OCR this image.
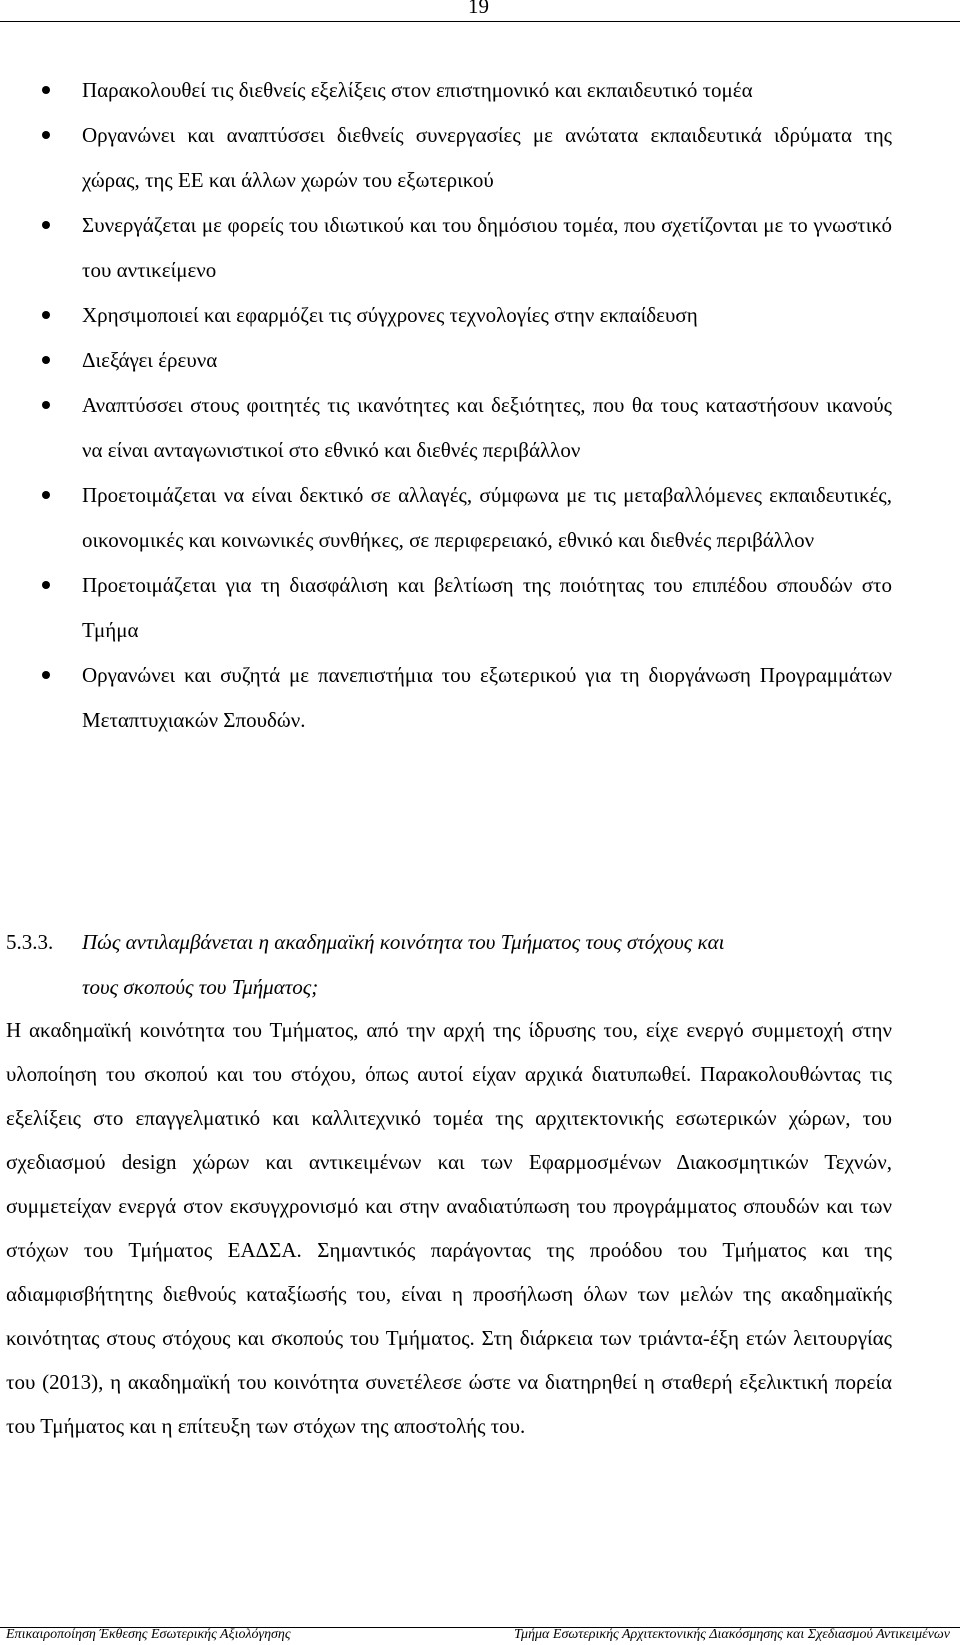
19
Παρακολουθεί τις διεθνείς εξελίξεις στον επιστημονικό και εκπαιδευτικό τομέα
Οργανώνει και αναπτύσσει διεθνείς συνεργασίες με ανώτατα εκπαιδευτικά ιδρύματα της χώρας, της ΕΕ και άλλων χωρών του εξωτερικού
Συνεργάζεται με φορείς του ιδιωτικού και του δημόσιου τομέα, που σχετίζονται με το γνωστικό του αντικείμενο
Χρησιμοποιεί και εφαρμόζει τις σύγχρονες τεχνολογίες στην εκπαίδευση
Διεξάγει έρευνα
Αναπτύσσει στους φοιτητές τις ικανότητες και δεξιότητες, που θα τους καταστήσουν ικανούς να είναι ανταγωνιστικοί στο εθνικό και διεθνές περιβάλλον
Προετοιμάζεται να είναι δεκτικό σε αλλαγές, σύμφωνα με τις μεταβαλλόμενες εκπαιδευτικές, οικονομικές και κοινωνικές συνθήκες, σε περιφερειακό, εθνικό και διεθνές περιβάλλον
Προετοιμάζεται για τη διασφάλιση και βελτίωση της ποιότητας του επιπέδου σπουδών στο Τμήμα
Οργανώνει και συζητά με πανεπιστήμια του εξωτερικού για τη διοργάνωση Προγραμμάτων Μεταπτυχιακών Σπουδών.
5.3.3.	Πώς αντιλαμβάνεται η ακαδημαϊκή κοινότητα του Τμήματος τους στόχους και
τους σκοπούς του Τμήματος;

Η ακαδημαϊκή κοινότητα του Τμήματος, από την αρχή της ίδρυσης του, είχε ενεργό συμμετοχή στην υλοποίηση του σκοπού και του στόχου, όπως αυτοί είχαν αρχικά διατυπωθεί. Παρακολουθώντας τις εξελίξεις στο επαγγελματικό και καλλιτεχνικό τομέα της αρχιτεκτονικής εσωτερικών χώρων, του σχεδιασμού design χώρων και αντικειμένων και των Εφαρμοσμένων Διακοσμητικών Τεχνών, συμμετείχαν ενεργά στον εκσυγχρονισμό και στην αναδιατύπωση του προγράμματος σπουδών και των στόχων του Τμήματος ΕΑΔΣΑ. Σημαντικός παράγοντας της προόδου του Τμήματος και της αδιαμφισβήτητης διεθνούς καταξίωσής του, είναι η προσήλωση όλων των μελών της ακαδημαϊκής κοινότητας στους στόχους και σκοπούς του Τμήματος. Στη διάρκεια των τριάντα-έξη ετών λειτουργίας του (2013), η ακαδημαϊκή του κοινότητα συνετέλεσε ώστε να διατηρηθεί η σταθερή εξελικτική πορεία του Τμήματος και η επίτευξη των στόχων της αποστολής του.

Επικαιροποίηση Έκθεσης Εσωτερικής Αξιολόγησης	Τμήμα Εσωτερικής Αρχιτεκτονικής Διακόσμησης και Σχεδιασμού Αντικειμένων
